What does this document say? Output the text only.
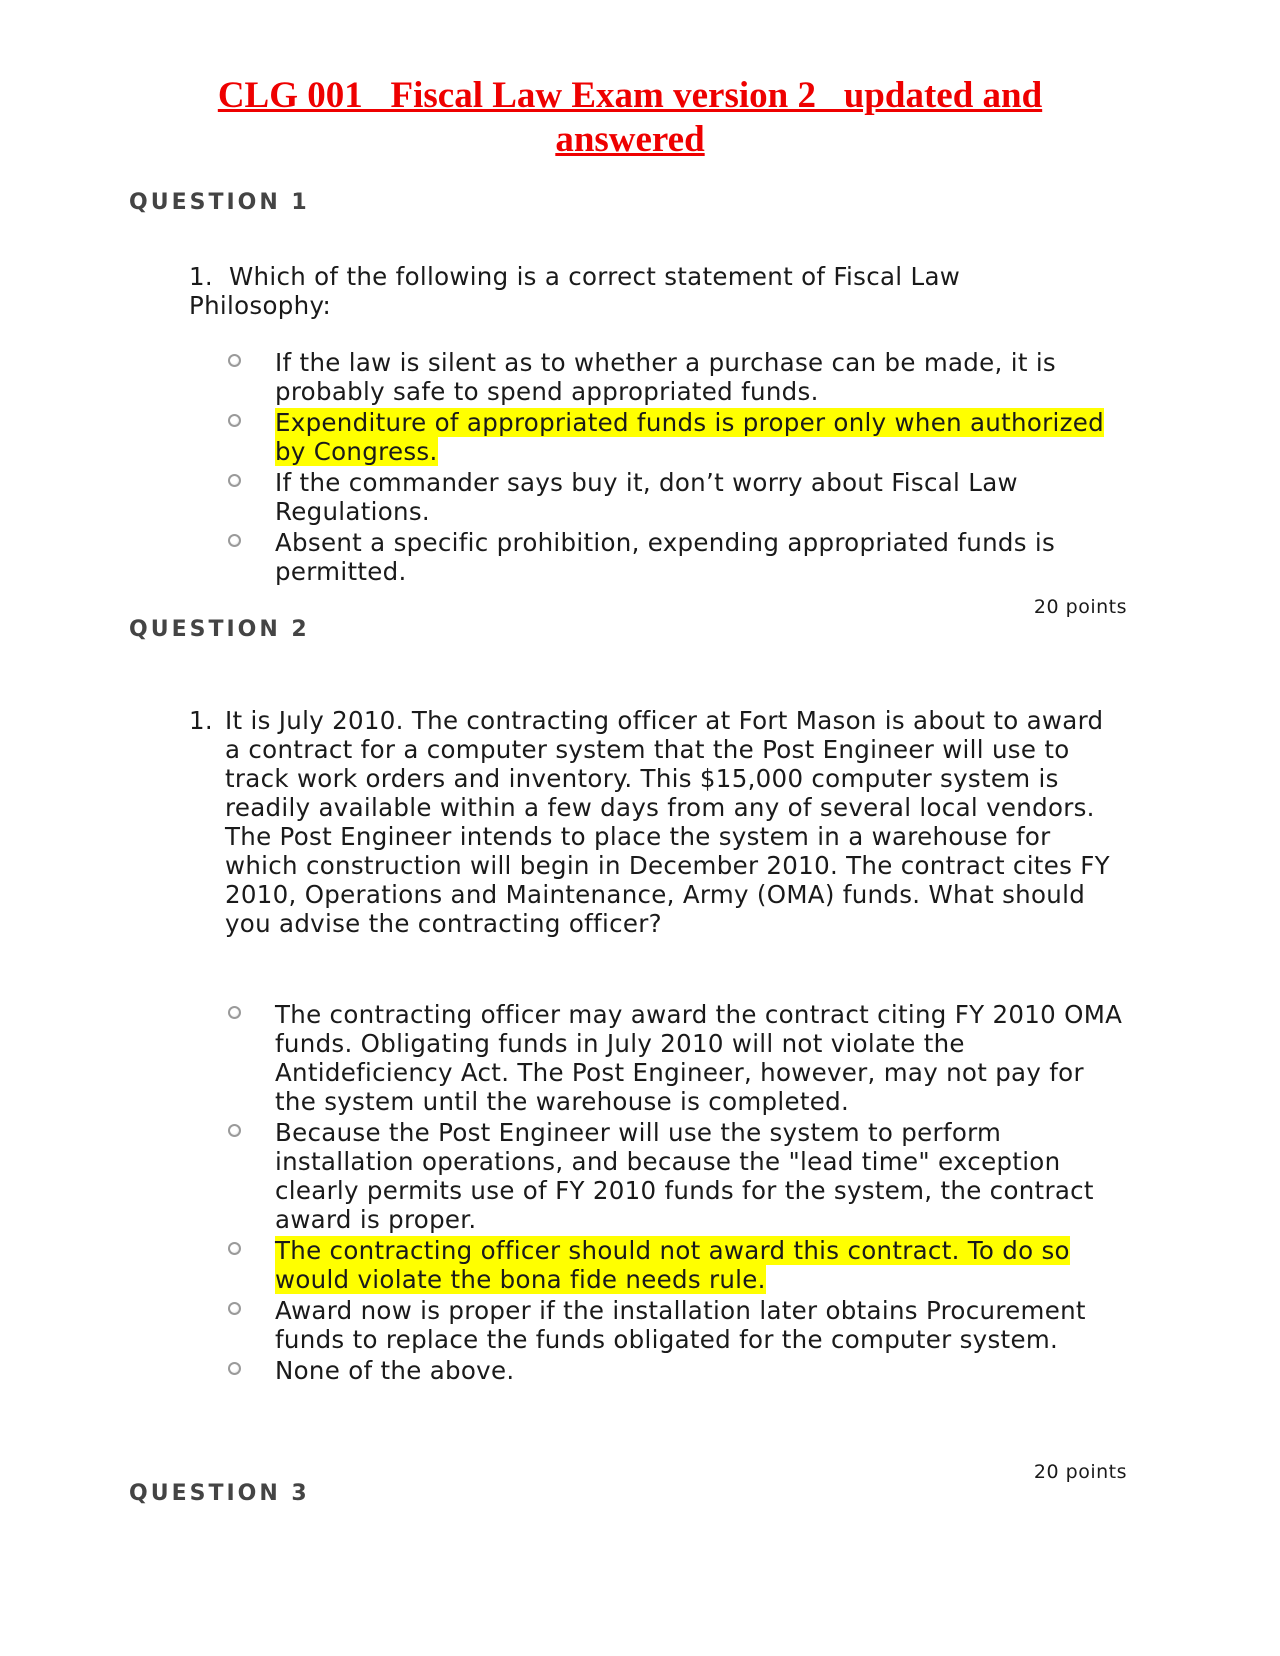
CLG 001_ Fiscal Law Exam version 2_ updated and answered
QUESTION 1
1. Which of the following is a correct statement of Fiscal Law Philosophy:
If the law is silent as to whether a purchase can be made, it is probably safe to spend appropriated funds.
Expenditure of appropriated funds is proper only when authorized by Congress.
If the commander says buy it, don’t worry about Fiscal Law Regulations.
Absent a specific prohibition, expending appropriated funds is permitted.
20 points
QUESTION 2
1. It is July 2010. The contracting officer at Fort Mason is about to award a contract for a computer system that the Post Engineer will use to track work orders and inventory. This $15,000 computer system is readily available within a few days from any of several local vendors. The Post Engineer intends to place the system in a warehouse for which construction will begin in December 2010. The contract cites FY 2010, Operations and Maintenance, Army (OMA) funds. What should you advise the contracting officer?
The contracting officer may award the contract citing FY 2010 OMA funds. Obligating funds in July 2010 will not violate the Antideficiency Act. The Post Engineer, however, may not pay for the system until the warehouse is completed.
Because the Post Engineer will use the system to perform installation operations, and because the "lead time" exception clearly permits use of FY 2010 funds for the system, the contract award is proper.
The contracting officer should not award this contract. To do so would violate the bona fide needs rule.
Award now is proper if the installation later obtains Procurement funds to replace the funds obligated for the computer system.
None of the above.
20 points
QUESTION 3
